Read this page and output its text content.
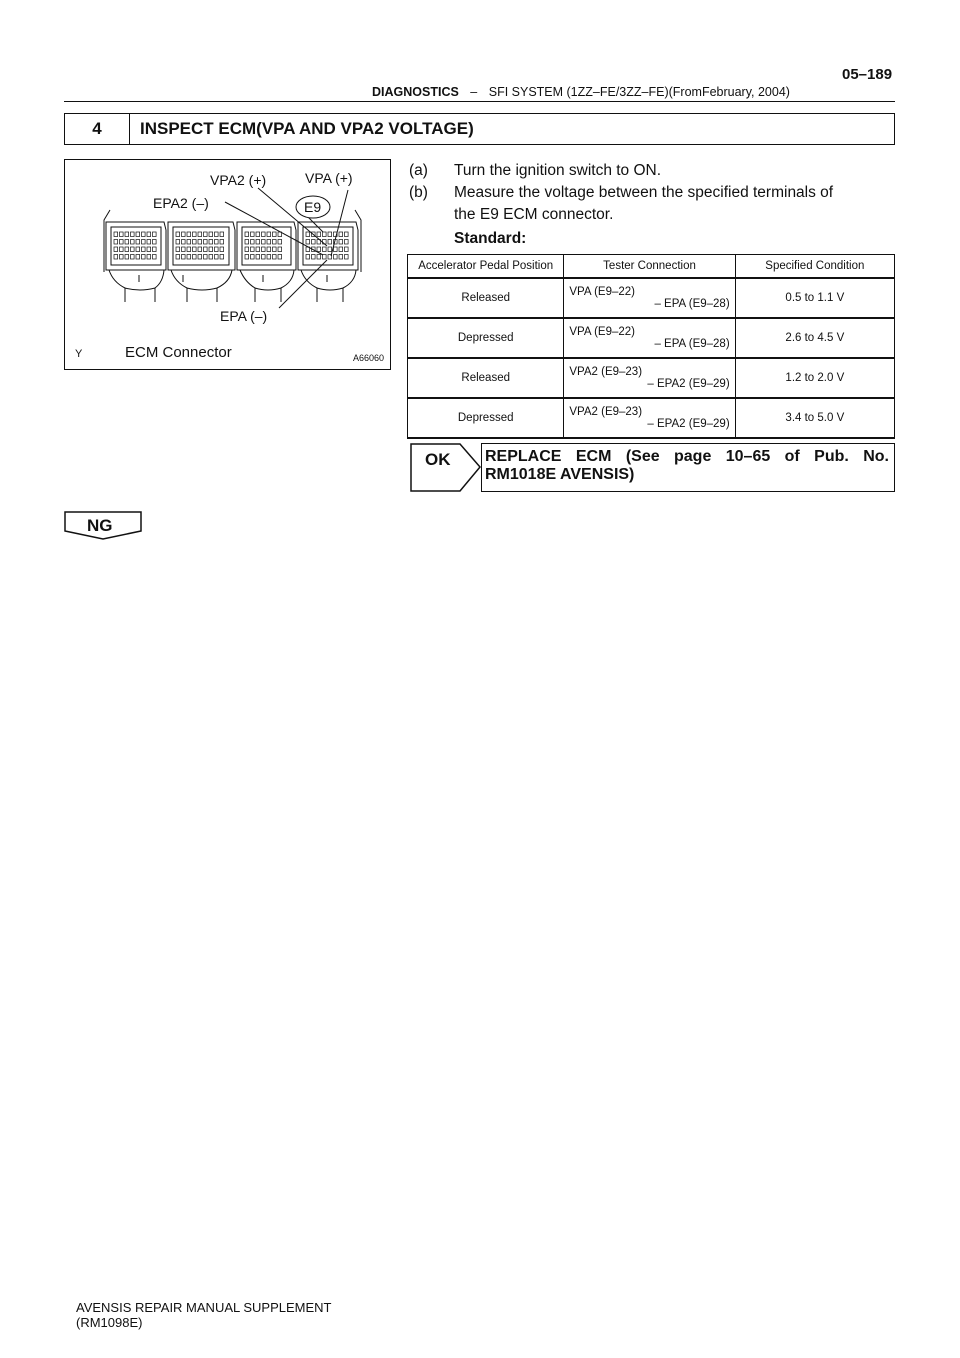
DIAGNOSTICS – SFI SYSTEM (1ZZ–FE/3ZZ–FE)(FromFebruary, 2004)
05–189
4	INSPECT ECM(VPA AND VPA2 VOLTAGE)
VPA2 (+)	VPA (+)
EPA2 (–)	E9
EPA (–)
ECM Connector
Y	A66060
(a) Turn the ignition switch to ON.
(b) Measure the voltage between the specified terminals of
the E9 ECM connector.
Standard:
Accelerator Pedal Position	Tester Connection	Specified Condition
Released	VPA (E9–22)
– EPA (E9–28)	0.5 to 1.1 V
Depressed	VPA (E9–22)
– EPA (E9–28)	2.6 to 4.5 V
Released	VPA2 (E9–23)
– EPA2 (E9–29)	1.2 to 2.0 V
Depressed	VPA2 (E9–23)
– EPA2 (E9–29)	3.4 to 5.0 V
OK REPLACE ECM (See page 10–65 of Pub. No.
RM1018E AVENSIS)
NG
AVENSIS REPAIR MANUAL SUPPLEMENT
(RM1098E)
